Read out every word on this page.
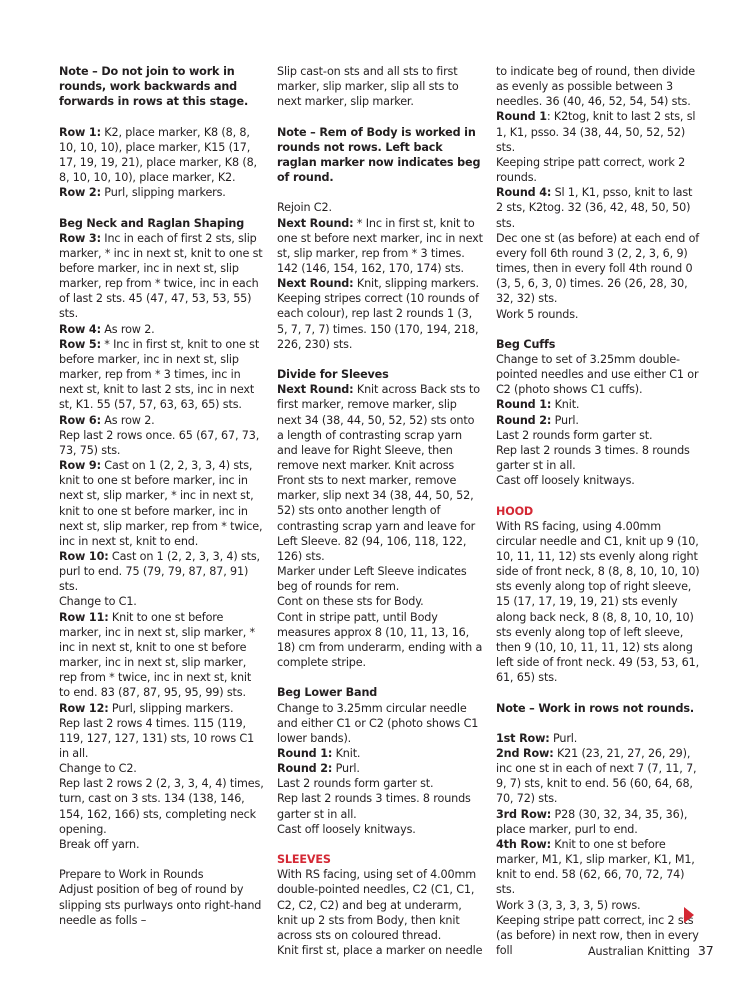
Note – Do not join to work in rounds, work backwards and forwards in rows at this stage.

Row 1: K2, place marker, K8 (8, 8, 10, 10, 10), place marker, K15 (17, 17, 19, 19, 21), place marker, K8 (8, 8, 10, 10, 10), place marker, K2.

Row 2: Purl, slipping markers.

Beg Neck and Raglan Shaping

Row 3: Inc in each of first 2 sts, slip marker, * inc in next st, knit to one st before marker, inc in next st, slip marker, rep from * twice, inc in each of last 2 sts. 45 (47, 47, 53, 53, 55) sts.

Row 4: As row 2.

Row 5: * Inc in first st, knit to one st before marker, inc in next st, slip marker, rep from * 3 times, inc in next st, knit to last 2 sts, inc in next st, K1. 55 (57, 57, 63, 63, 65) sts.

Row 6: As row 2.

Rep last 2 rows once. 65 (67, 67, 73, 73, 75) sts.

Row 9: Cast on 1 (2, 2, 3, 3, 4) sts, knit to one st before marker, inc in next st, slip marker, * inc in next st, knit to one st before marker, inc in next st, slip marker, rep from * twice, inc in next st, knit to end.

Row 10: Cast on 1 (2, 2, 3, 3, 4) sts, purl to end. 75 (79, 79, 87, 87, 91) sts.

Change to C1.

Row 11: Knit to one st before marker, inc in next st, slip marker, * inc in next st, knit to one st before marker, inc in next st, slip marker, rep from * twice, inc in next st, knit to end. 83 (87, 87, 95, 95, 99) sts.

Row 12: Purl, slipping markers.

Rep last 2 rows 4 times. 115 (119, 119, 127, 127, 131) sts, 10 rows C1 in all.

Change to C2.

Rep last 2 rows 2 (2, 3, 3, 4, 4) times, turn, cast on 3 sts. 134 (138, 146, 154, 162, 166) sts, completing neck opening.

Break off yarn.

Prepare to Work in Rounds

Adjust position of beg of round by slipping sts purlways onto right-hand needle as folls –

Slip cast-on sts and all sts to first marker, slip marker, slip all sts to next marker, slip marker.

Note – Rem of Body is worked in rounds not rows. Left back raglan marker now indicates beg of round.

Rejoin C2.

Next Round: * Inc in first st, knit to one st before next marker, inc in next st, slip marker, rep from * 3 times. 142 (146, 154, 162, 170, 174) sts.

Next Round: Knit, slipping markers.

Keeping stripes correct (10 rounds of each colour), rep last 2 rounds 1 (3, 5, 7, 7, 7) times. 150 (170, 194, 218, 226, 230) sts.

Divide for Sleeves

Next Round: Knit across Back sts to first marker, remove marker, slip next 34 (38, 44, 50, 52, 52) sts onto a length of contrasting scrap yarn and leave for Right Sleeve, then remove next marker. Knit across Front sts to next marker, remove marker, slip next 34 (38, 44, 50, 52, 52) sts onto another length of contrasting scrap yarn and leave for Left Sleeve. 82 (94, 106, 118, 122, 126) sts.

Marker under Left Sleeve indicates beg of rounds for rem.

Cont on these sts for Body.

Cont in stripe patt, until Body measures approx 8 (10, 11, 13, 16, 18) cm from underarm, ending with a complete stripe.

Beg Lower Band

Change to 3.25mm circular needle and either C1 or C2 (photo shows C1 lower bands).

Round 1: Knit.

Round 2: Purl.

Last 2 rounds form garter st.

Rep last 2 rounds 3 times. 8 rounds garter st in all.

Cast off loosely knitways.

SLEEVES

With RS facing, using set of 4.00mm double-pointed needles, C2 (C1, C1, C2, C2, C2) and beg at underarm, knit up 2 sts from Body, then knit across sts on coloured thread.

Knit first st, place a marker on needle

to indicate beg of round, then divide as evenly as possible between 3 needles. 36 (40, 46, 52, 54, 54) sts.

Round 1: K2tog, knit to last 2 sts, sl 1, K1, psso. 34 (38, 44, 50, 52, 52) sts.

Keeping stripe patt correct, work 2 rounds.

Round 4: Sl 1, K1, psso, knit to last 2 sts, K2tog. 32 (36, 42, 48, 50, 50) sts.

Dec one st (as before) at each end of every foll 6th round 3 (2, 2, 3, 6, 9) times, then in every foll 4th round 0 (3, 5, 6, 3, 0) times. 26 (26, 28, 30, 32, 32) sts.

Work 5 rounds.

Beg Cuffs

Change to set of 3.25mm double-pointed needles and use either C1 or C2 (photo shows C1 cuffs).

Round 1: Knit.

Round 2: Purl.

Last 2 rounds form garter st.

Rep last 2 rounds 3 times. 8 rounds garter st in all.

Cast off loosely knitways.

HOOD

With RS facing, using 4.00mm circular needle and C1, knit up 9 (10, 10, 11, 11, 12) sts evenly along right side of front neck, 8 (8, 8, 10, 10, 10) sts evenly along top of right sleeve, 15 (17, 17, 19, 19, 21) sts evenly along back neck, 8 (8, 8, 10, 10, 10) sts evenly along top of left sleeve, then 9 (10, 10, 11, 11, 12) sts along left side of front neck. 49 (53, 53, 61, 61, 65) sts.

Note – Work in rows not rounds.

1st Row: Purl.

2nd Row: K21 (23, 21, 27, 26, 29), inc one st in each of next 7 (7, 11, 7, 9, 7) sts, knit to end. 56 (60, 64, 68, 70, 72) sts.

3rd Row: P28 (30, 32, 34, 35, 36), place marker, purl to end.

4th Row: Knit to one st before marker, M1, K1, slip marker, K1, M1, knit to end. 58 (62, 66, 70, 72, 74) sts.

Work 3 (3, 3, 3, 3, 5) rows.

Keeping stripe patt correct, inc 2 sts (as before) in next row, then in every foll	Australian Knitting 37
